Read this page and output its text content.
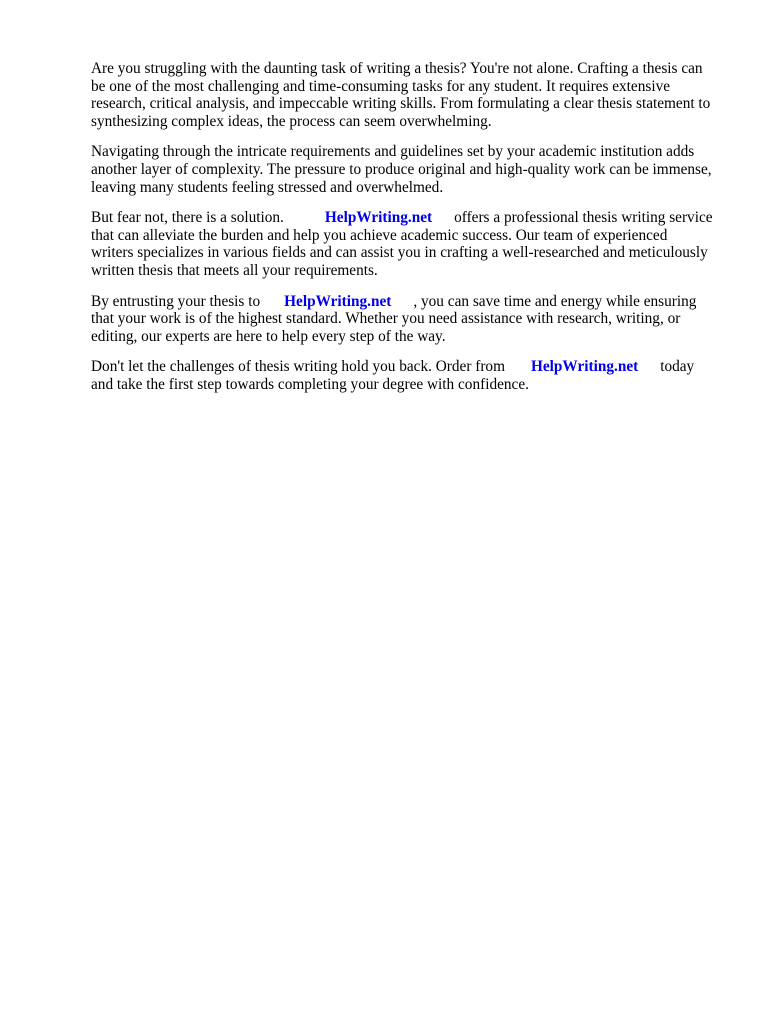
Are you struggling with the daunting task of writing a thesis? You're not alone. Crafting a thesis can
be one of the most challenging and time-consuming tasks for any student. It requires extensive
research, critical analysis, and impeccable writing skills. From formulating a clear thesis statement to
synthesizing complex ideas, the process can seem overwhelming.

Navigating through the intricate requirements and guidelines set by your academic institution adds
another layer of complexity. The pressure to produce original and high-quality work can be immense,
leaving many students feeling stressed and overwhelmed.

But fear not, there is a solution.	HelpWriting.net offers a professional thesis writing service
that can alleviate the burden and help you achieve academic success. Our team of experienced
writers specializes in various fields and can assist you in crafting a well-researched and meticulously
written thesis that meets all your requirements.

By entrusting your thesis to HelpWriting.net , you can save time and energy while ensuring
that your work is of the highest standard. Whether you need assistance with research, writing, or
editing, our experts are here to help every step of the way.

Don't let the challenges of thesis writing hold you back. Order from HelpWriting.net today
and take the first step towards completing your degree with confidence.
